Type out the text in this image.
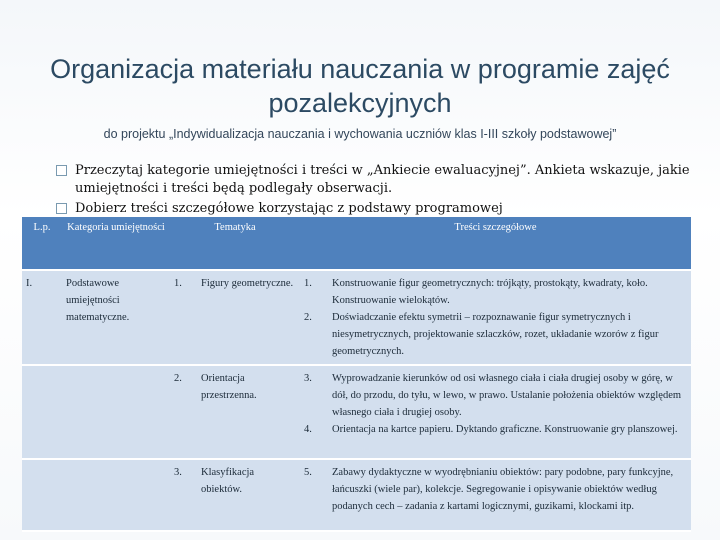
Organizacja materiału nauczania w programie zajęć pozalekcyjnych
do projektu „Indywidualizacja nauczania i wychowania uczniów klas I-III szkoły podstawowej”
Przeczytaj kategorie umiejętności i treści w „Ankiecie ewaluacyjnej”. Ankieta wskazuje, jakie umiejętności i treści będą podlegały obserwacji.
Dobierz treści szczegółowe korzystając z podstawy programowej
L.p.	Kategoria umiejętności	Tematyka		Treści szczegółowe
I.	Podstawowe umiejętności matematyczne.	1.	Figury geometryczne.	1. Konstruowanie figur geometrycznych: trójkąty, prostokąty, kwadraty, koło. Konstruowanie wielokątów.
2. Doświadczanie efektu symetrii – rozpoznawanie figur symetrycznych i niesymetrycznych, projektowanie szlaczków, rozet, układanie wzorów z figur geometrycznych.

		2.	Orientacja przestrzenna.	3. Wyprowadzanie kierunków od osi własnego ciała i ciała drugiej osoby w górę, w dół, do przodu, do tyłu, w lewo, w prawo. Ustalanie położenia obiektów względem własnego ciała i drugiej osoby.
4. Orientacja na kartce papieru. Dyktando graficzne. Konstruowanie gry planszowej.

		3.	Klasyfikacja obiektów.	5. Zabawy dydaktyczne w wyodrębnianiu obiektów: pary podobne, pary funkcyjne, łańcuszki (wiele par), kolekcje. Segregowanie i opisywanie obiektów według podanych cech – zadania z kartami logicznymi, guzikami, klockami itp.
